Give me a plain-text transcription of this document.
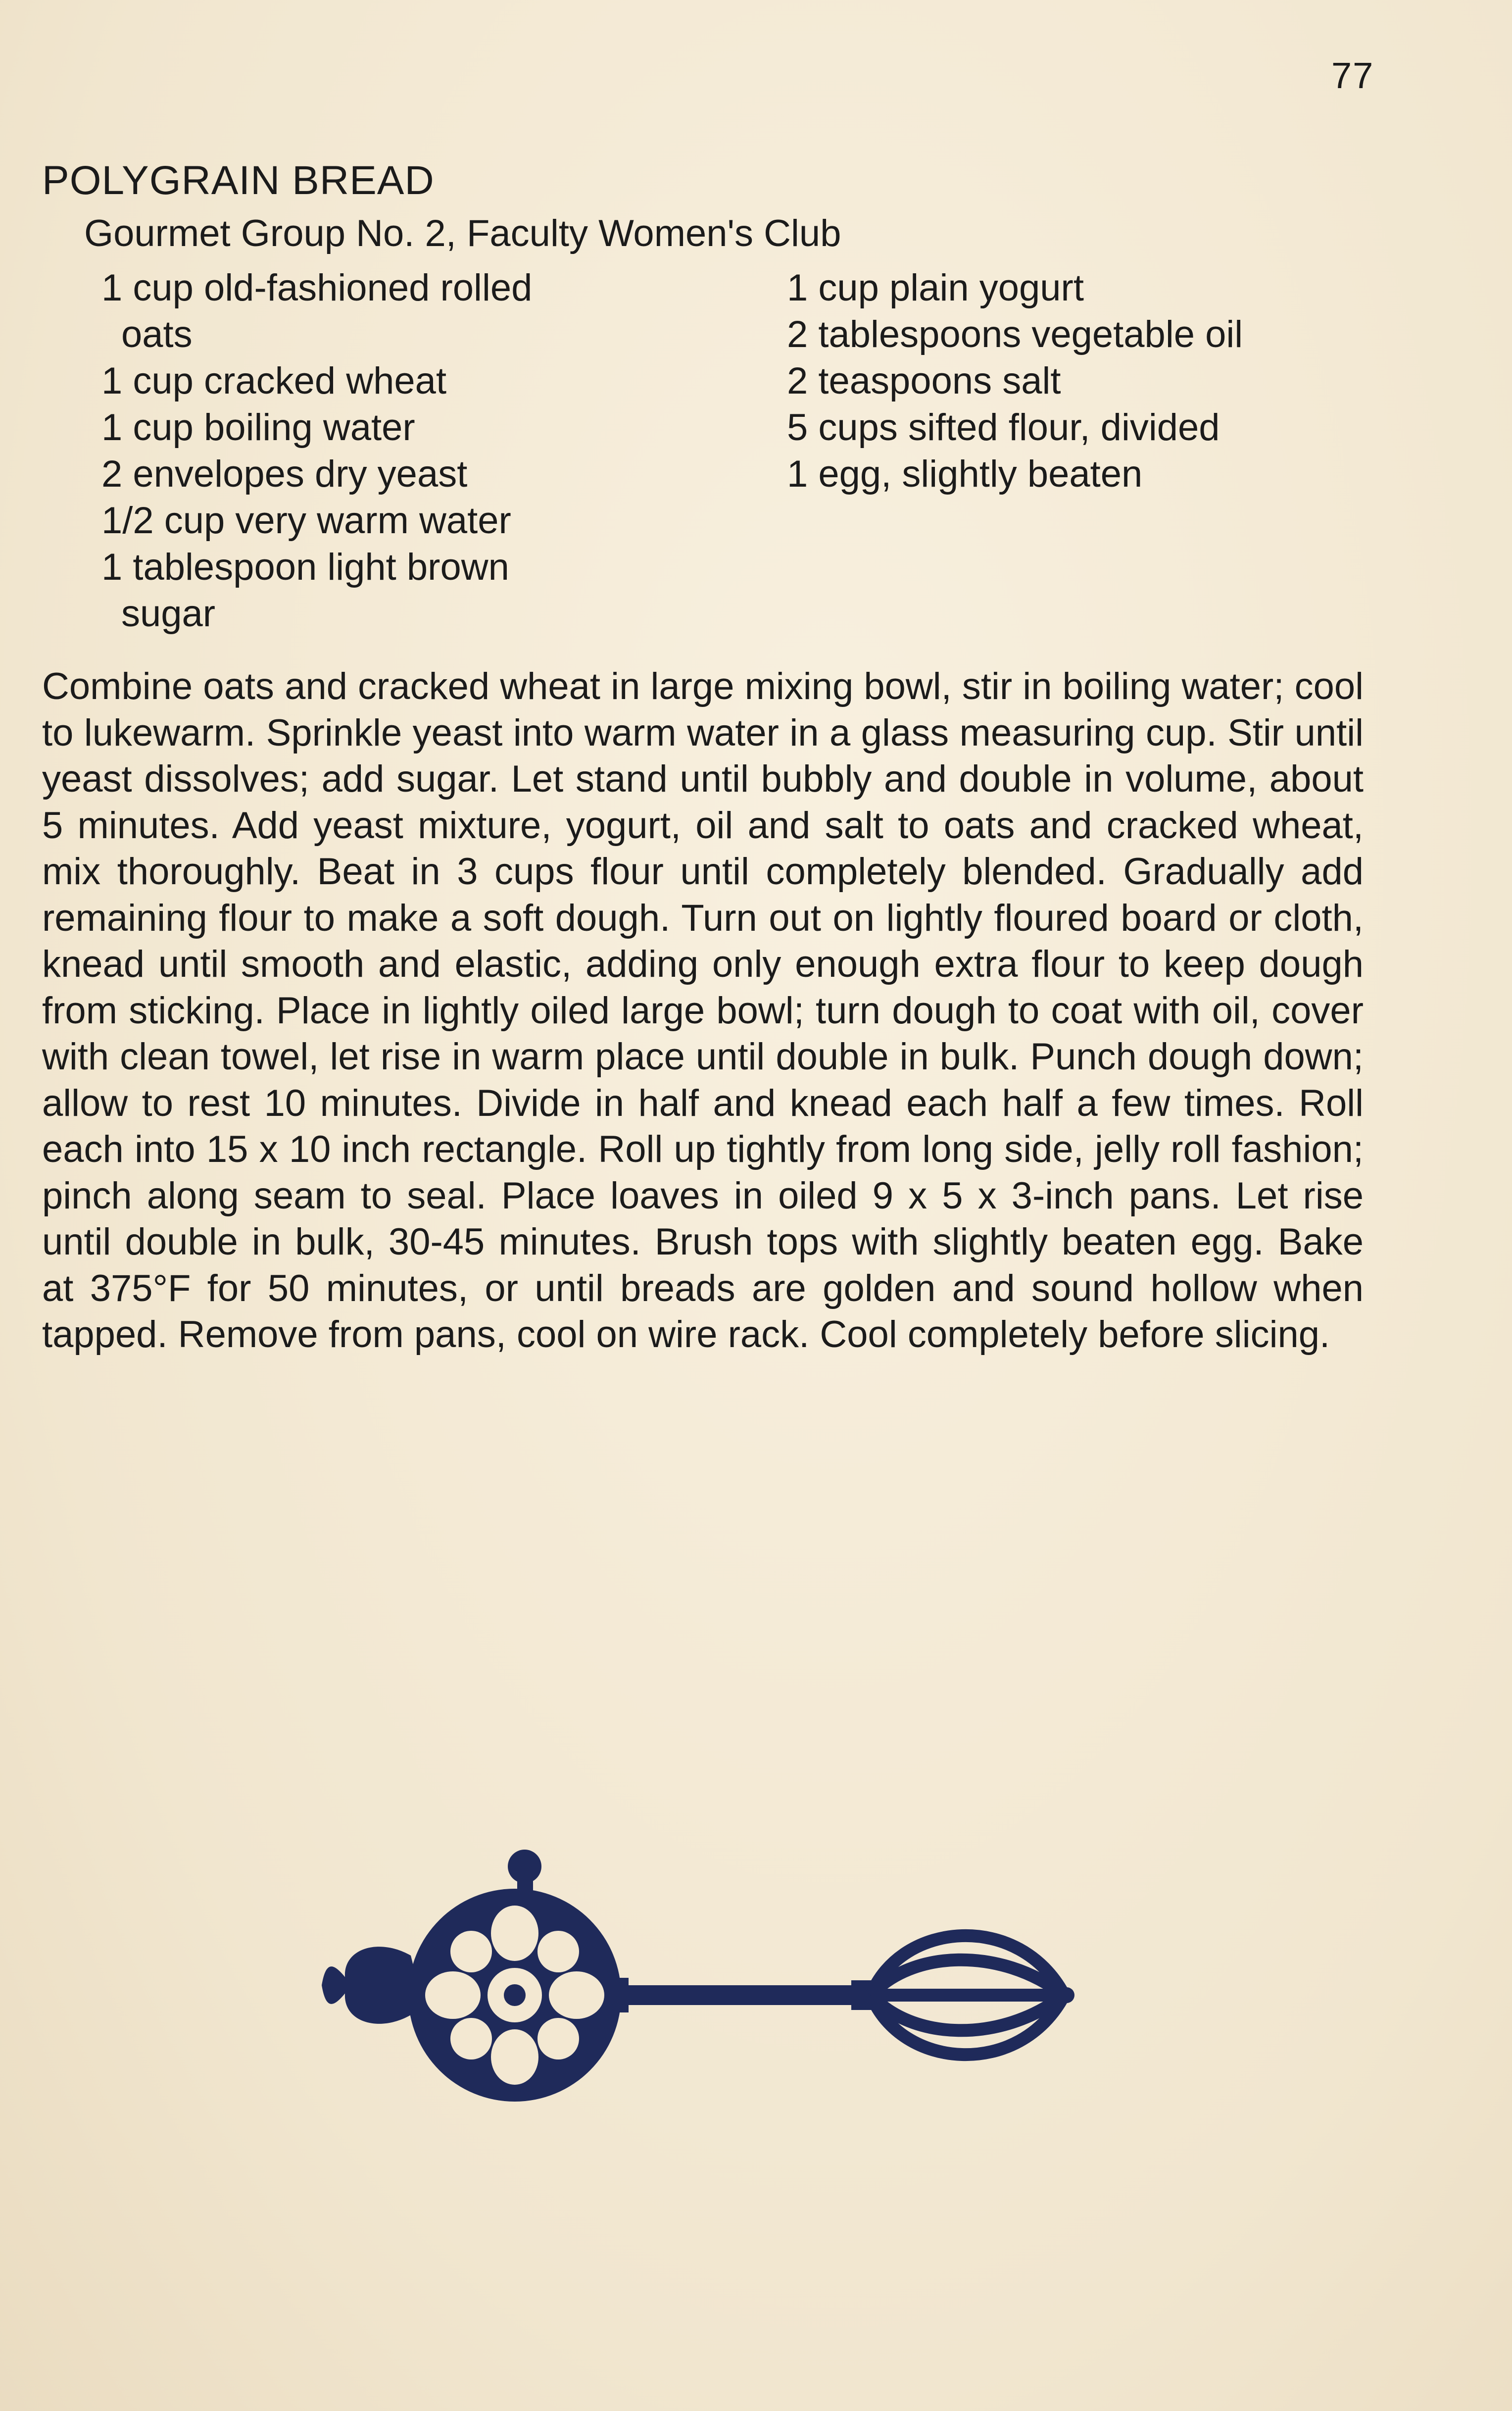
77
POLYGRAIN BREAD
Gourmet Group No. 2, Faculty Women's Club
1 cup old-fashioned rolled
oats
1 cup cracked wheat
1 cup boiling water
2 envelopes dry yeast
1/2 cup very warm water
1 tablespoon light brown
sugar
1 cup plain yogurt
2 tablespoons vegetable oil
2 teaspoons salt
5 cups sifted flour, divided
1 egg, slightly beaten
Combine oats and cracked wheat in large mixing bowl, stir in boiling water; cool to lukewarm. Sprinkle yeast into warm water in a glass measuring cup. Stir until yeast dissolves; add sugar. Let stand until bubbly and double in volume, about 5 minutes. Add yeast mixture, yogurt, oil and salt to oats and cracked wheat, mix thoroughly. Beat in 3 cups flour until completely blended. Gradually add remaining flour to make a soft dough. Turn out on lightly floured board or cloth, knead until smooth and elastic, adding only enough extra flour to keep dough from sticking. Place in lightly oiled large bowl; turn dough to coat with oil, cover with clean towel, let rise in warm place until double in bulk. Punch dough down; allow to rest 10 minutes. Divide in half and knead each half a few times. Roll each into 15 x 10 inch rectangle. Roll up tightly from long side, jelly roll fashion; pinch along seam to seal. Place loaves in oiled 9 x 5 x 3-inch pans. Let rise until double in bulk, 30-45 minutes. Brush tops with slightly beaten egg. Bake at 375°F for 50 minutes, or until breads are golden and sound hollow when tapped. Remove from pans, cool on wire rack. Cool completely before slicing.
